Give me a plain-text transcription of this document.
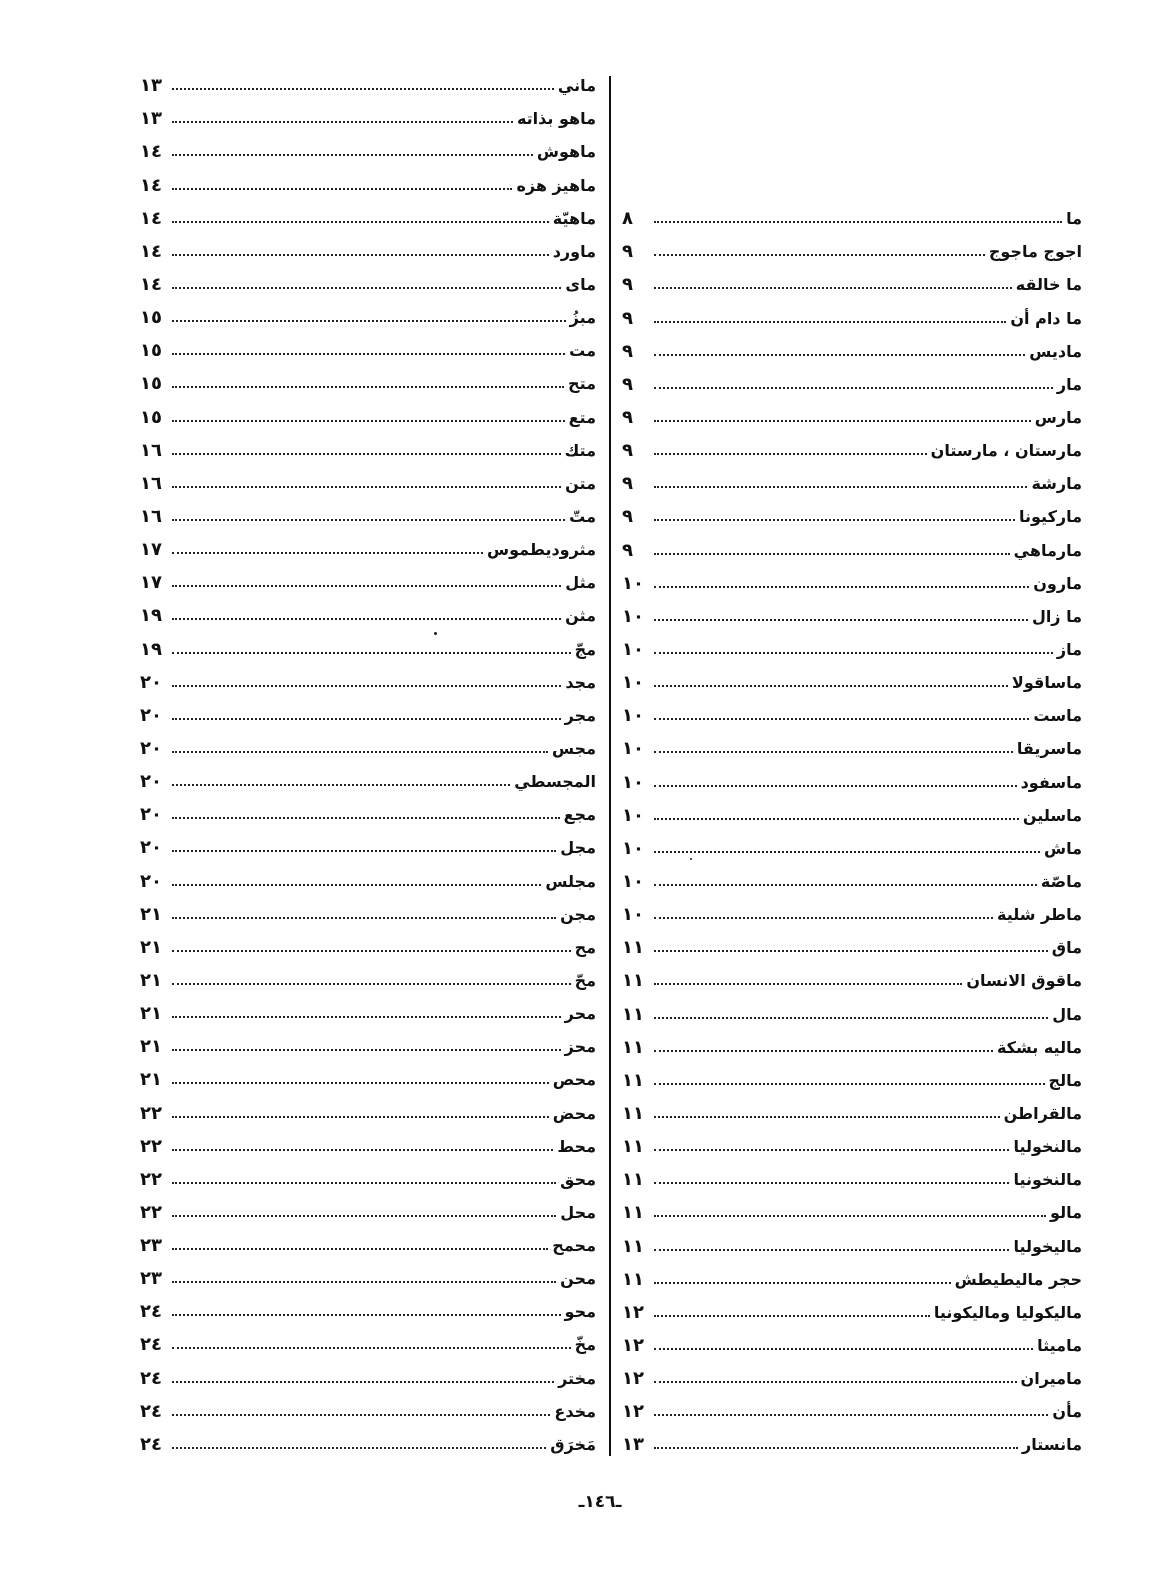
ماني
١٣
ماهو بذاته
١٣
ماهوش
١٤
ماهيز هزه
١٤
ماهيّة
١٤
ماورد
١٤
ماى
١٤
مبزُ
١٥
مت
١٥
متح
١٥
متع
١٥
متك
١٦
متن
١٦
متّ
١٦
مثروديطموس
١٧
مثل
١٧
مثن
١٩
مجّ
١٩
مجد
٢٠
مجر
٢٠
مجس
٢٠
المجسطي
٢٠
مجع
٢٠
مجل
٢٠
مجلس
٢٠
مجن
٢١
مح
٢١
محّ
٢١
محر
٢١
محز
٢١
محص
٢١
محض
٢٢
محط
٢٢
محق
٢٢
محل
٢٢
محمح
٢٣
محن
٢٣
محو
٢٤
مخّ
٢٤
مختر
٢٤
مخدع
٢٤
مَخرَق
٢٤
ما
٨
اجوج ماجوج
٩
ما خالقه
٩
ما دام أن
٩
ماديس
٩
مار
٩
مارس
٩
مارستان ، مارستان
٩
مارشة
٩
ماركيونا
٩
مارماهي
٩
مارون
١٠
ما زال
١٠
ماز
١٠
ماساقولا
١٠
ماست
١٠
ماسريقا
١٠
ماسفود
١٠
ماسلين
١٠
ماش
١٠
ماصّة
١٠
ماطر شلية
١٠
ماق
١١
ماقوق الانسان
١١
مال
١١
ماليه بشكة
١١
مالج
١١
مالقراطن
١١
مالنخوليا
١١
مالنخونيا
١١
مالو
١١
ماليخوليا
١١
حجر ماليطيطش
١١
ماليكوليا وماليكونيا
١٢
ماميثا
١٢
ماميران
١٢
مأن
١٢
مانستار
١٣
ـ١٤٦ـ
